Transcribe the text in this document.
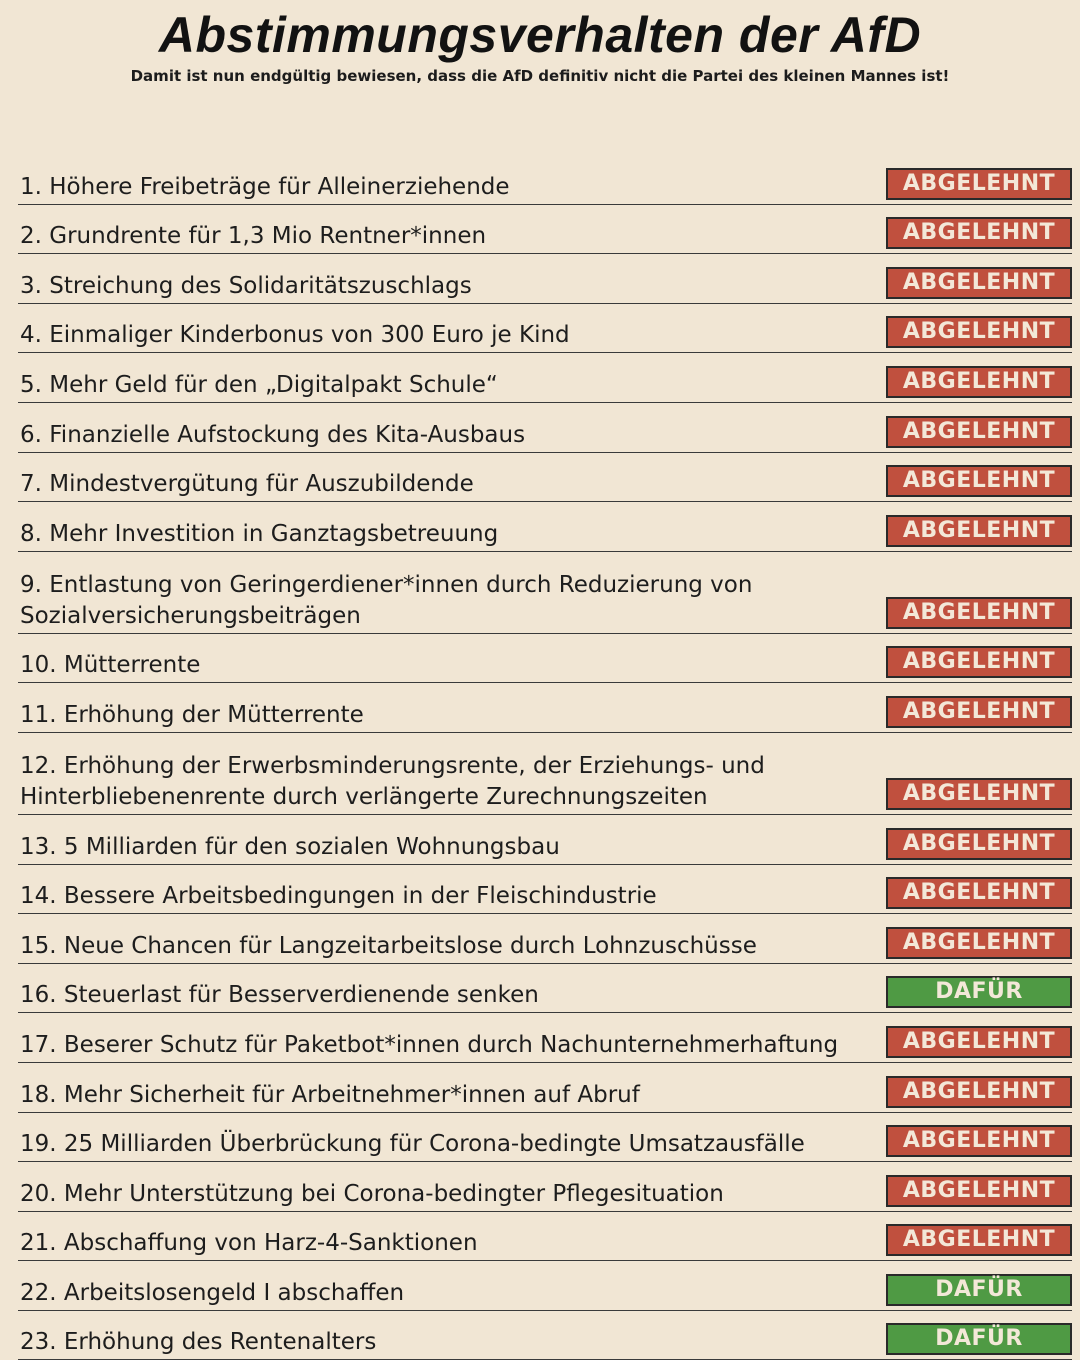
Abstimmungsverhalten der AfD

Damit ist nun endgültig bewiesen, dass die AfD definitiv nicht die Partei des kleinen Mannes ist!

1. Höhere Freibeträge für Alleinerziehende	ABGELEHNT
2. Grundrente für 1,3 Mio Rentner*innen	ABGELEHNT
3. Streichung des Solidaritätszuschlags	ABGELEHNT
4. Einmaliger Kinderbonus von 300 Euro je Kind	ABGELEHNT
5. Mehr Geld für den „Digitalpakt Schule“	ABGELEHNT
6. Finanzielle Aufstockung des Kita-Ausbaus	ABGELEHNT
7. Mindestvergütung für Auszubildende	ABGELEHNT
8. Mehr Investition in Ganztagsbetreuung	ABGELEHNT
9. Entlastung von Geringerdiener*innen durch Reduzierung von Sozialversicherungsbeiträgen	ABGELEHNT
10. Mütterrente	ABGELEHNT
11. Erhöhung der Mütterrente	ABGELEHNT
12. Erhöhung der Erwerbsminderungsrente, der Erziehungs- und Hinterbliebenenrente durch verlängerte Zurechnungszeiten	ABGELEHNT
13. 5 Milliarden für den sozialen Wohnungsbau	ABGELEHNT
14. Bessere Arbeitsbedingungen in der Fleischindustrie	ABGELEHNT
15. Neue Chancen für Langzeitarbeitslose durch Lohnzuschüsse	ABGELEHNT
16. Steuerlast für Besserverdienende senken	DAFÜR
17. Beserer Schutz für Paketbot*innen durch Nachunternehmerhaftung	ABGELEHNT
18. Mehr Sicherheit für Arbeitnehmer*innen auf Abruf	ABGELEHNT
19. 25 Milliarden Überbrückung für Corona-bedingte Umsatzausfälle	ABGELEHNT
20. Mehr Unterstützung bei Corona-bedingter Pflegesituation	ABGELEHNT
21. Abschaffung von Harz-4-Sanktionen	ABGELEHNT
22. Arbeitslosengeld I abschaffen	DAFÜR
23. Erhöhung des Rentenalters	DAFÜR
